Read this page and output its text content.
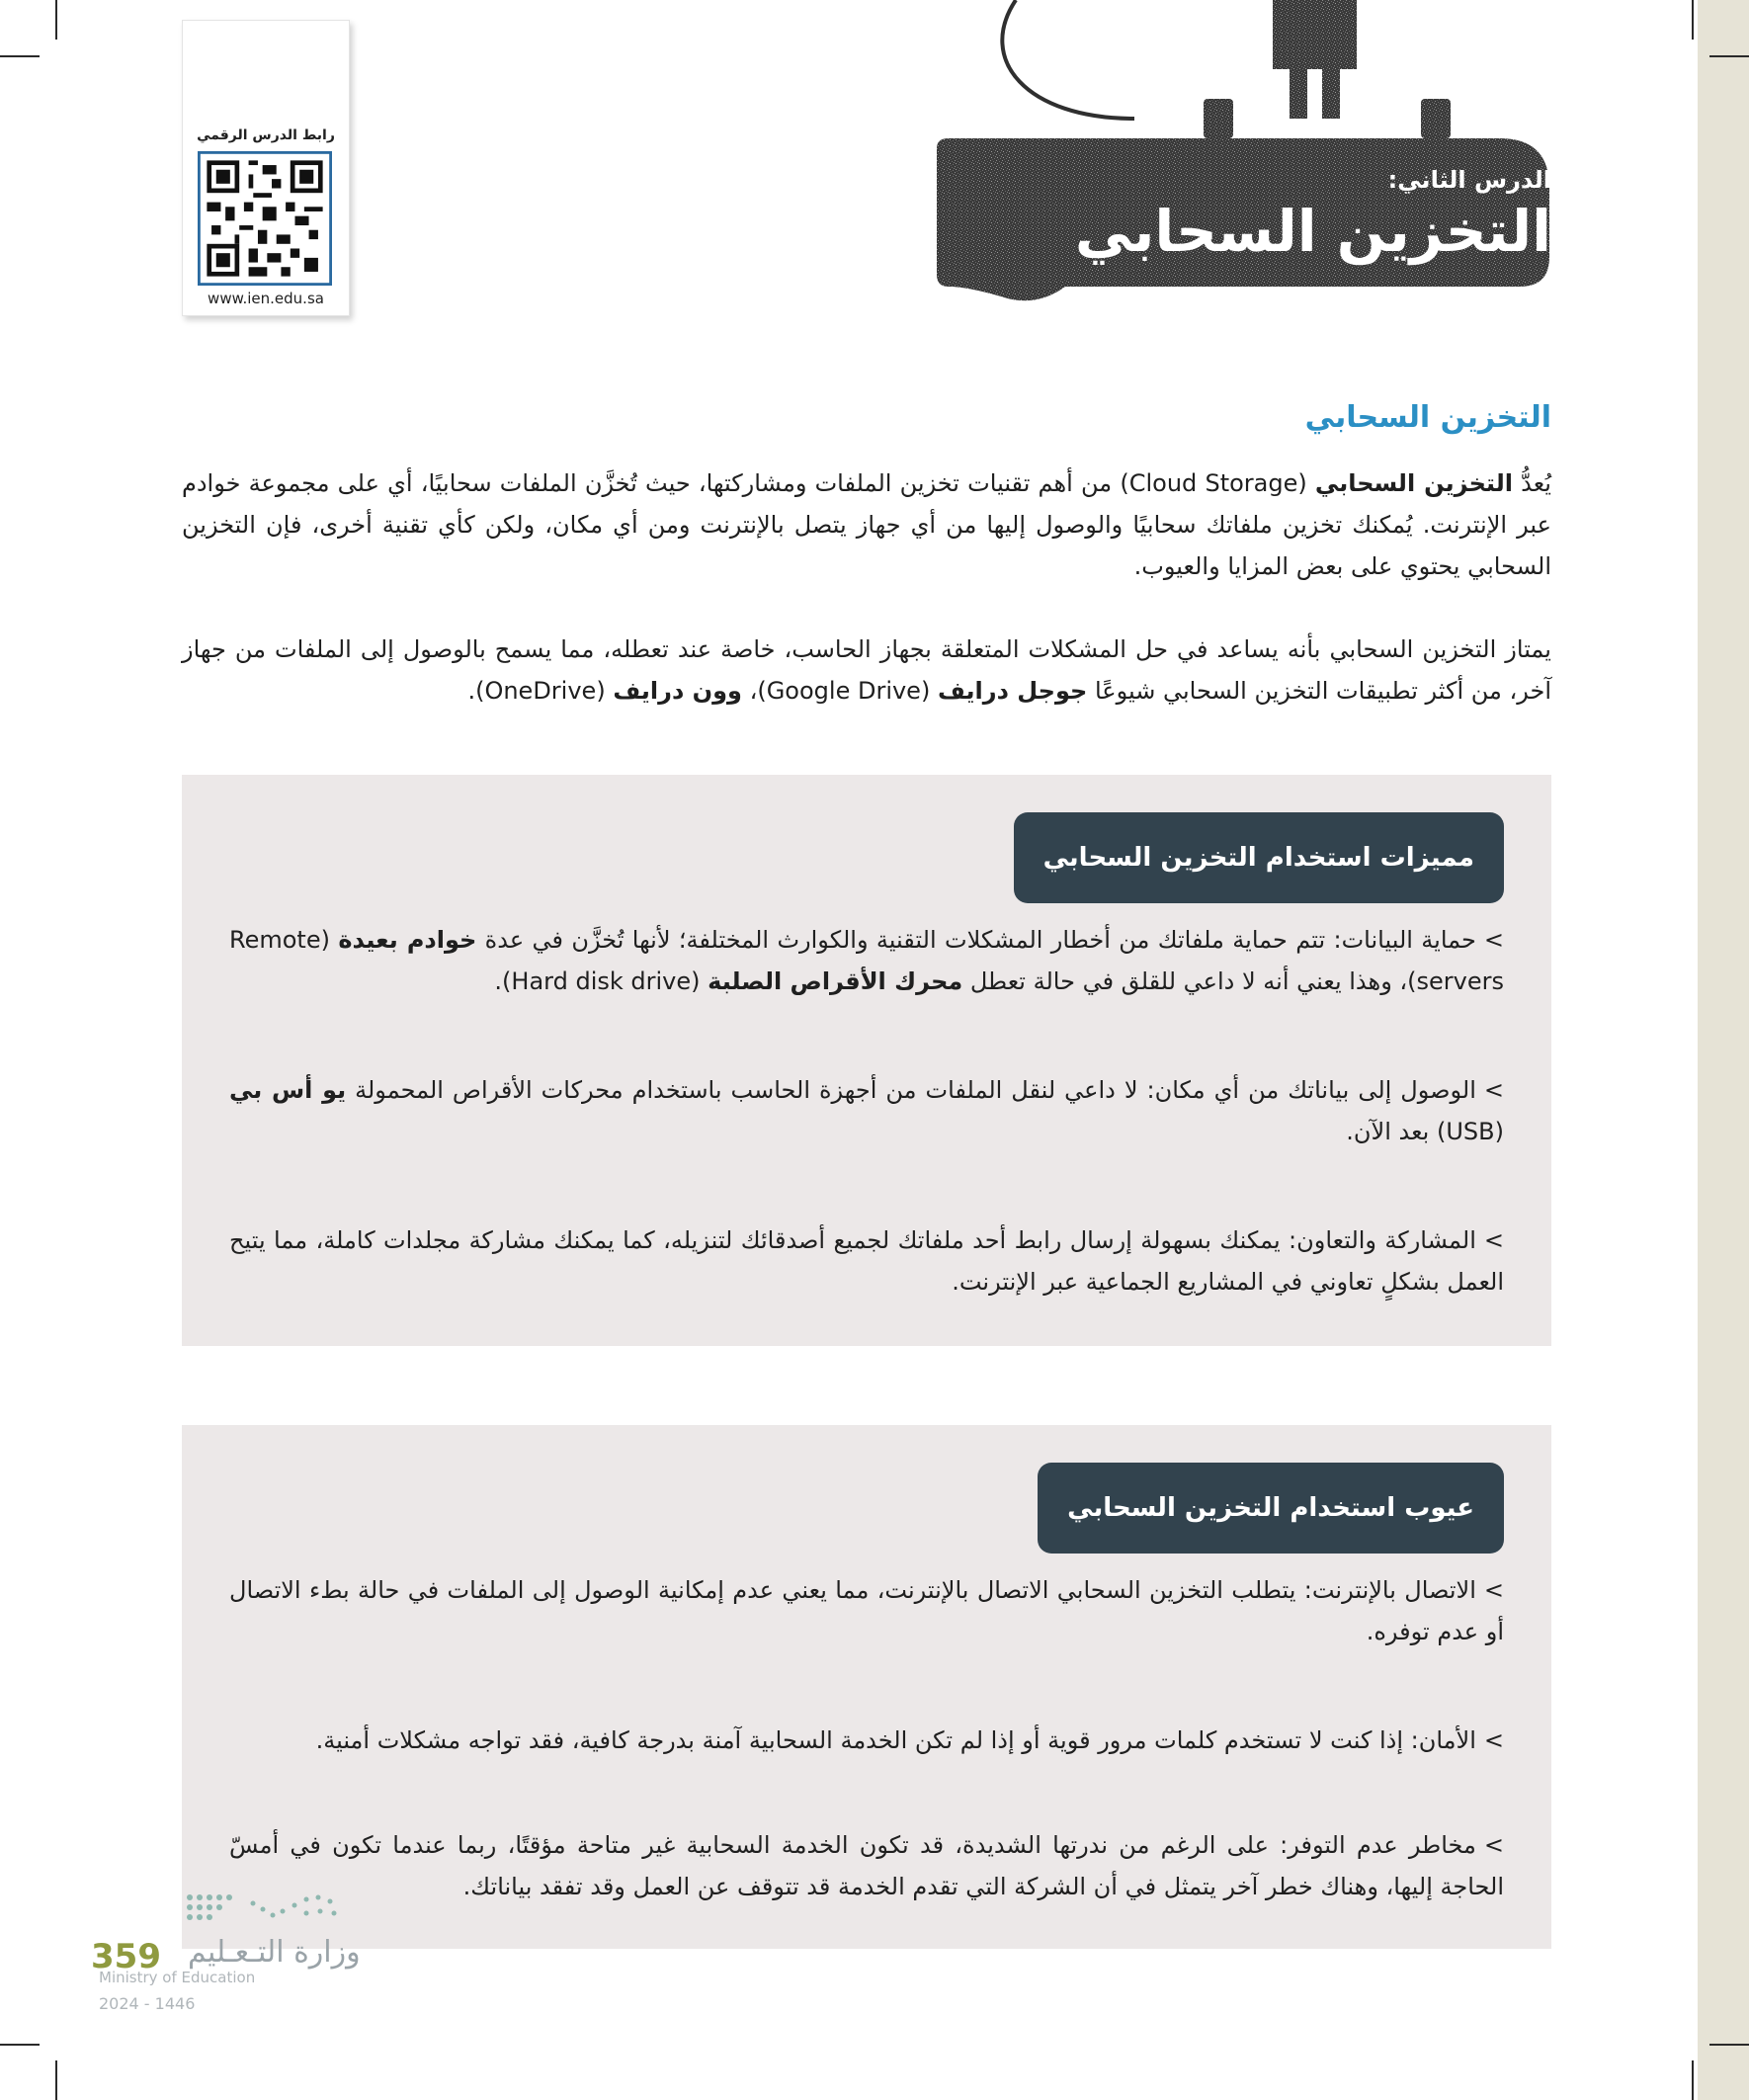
رابط الدرس الرقمي
www.ien.edu.sa
الدرس الثاني:
التخزين السحابي
التخزين السحابي
يُعدُّ التخزين السحابي (Cloud Storage) من أهم تقنيات تخزين الملفات ومشاركتها، حيث تُخزَّن الملفات سحابيًا، أي على مجموعة خوادم عبر الإنترنت. يُمكنك تخزين ملفاتك سحابيًا والوصول إليها من أي جهاز يتصل بالإنترنت ومن أي مكان، ولكن كأي تقنية أخرى، فإن التخزين السحابي يحتوي على بعض المزايا والعيوب.
يمتاز التخزين السحابي بأنه يساعد في حل المشكلات المتعلقة بجهاز الحاسب، خاصة عند تعطله، مما يسمح بالوصول إلى الملفات من جهاز آخر، من أكثر تطبيقات التخزين السحابي شيوعًا جوجل درايف (Google Drive)، وون درايف (OneDrive).
مميزات استخدام التخزين السحابي
>حماية البيانات: تتم حماية ملفاتك من أخطار المشكلات التقنية والكوارث المختلفة؛ لأنها تُخزَّن في عدة خوادم بعيدة (Remote servers)، وهذا يعني أنه لا داعي للقلق في حالة تعطل محرك الأقراص الصلبة (Hard disk drive).
>الوصول إلى بياناتك من أي مكان: لا داعي لنقل الملفات من أجهزة الحاسب باستخدام محركات الأقراص المحمولة يو أس بي (USB) بعد الآن.
>المشاركة والتعاون: يمكنك بسهولة إرسال رابط أحد ملفاتك لجميع أصدقائك لتنزيله، كما يمكنك مشاركة مجلدات كاملة، مما يتيح العمل بشكلٍ تعاوني في المشاريع الجماعية عبر الإنترنت.
عيوب استخدام التخزين السحابي
>الاتصال بالإنترنت: يتطلب التخزين السحابي الاتصال بالإنترنت، مما يعني عدم إمكانية الوصول إلى الملفات في حالة بطء الاتصال أو عدم توفره.
>الأمان: إذا كنت لا تستخدم كلمات مرور قوية أو إذا لم تكن الخدمة السحابية آمنة بدرجة كافية، فقد تواجه مشكلات أمنية.
>مخاطر عدم التوفر: على الرغم من ندرتها الشديدة، قد تكون الخدمة السحابية غير متاحة مؤقتًا، ربما عندما تكون في أمسّ الحاجة إليها، وهناك خطر آخر يتمثل في أن الشركة التي تقدم الخدمة قد تتوقف عن العمل وقد تفقد بياناتك.
وزارة التـعـليم
Ministry of Education
2024 - 1446
359
